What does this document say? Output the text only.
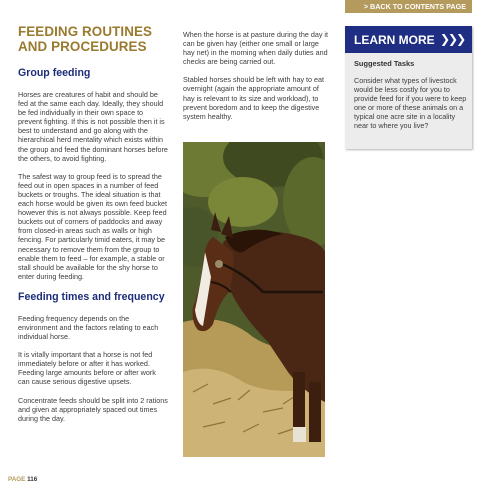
> BACK TO CONTENTS PAGE
FEEDING ROUTINES
AND PROCEDURES
Group feeding

Horses are creatures of habit and should be fed at the same each day. Ideally, they should be fed individually in their own space to prevent fighting. If this is not possible then it is best to understand and go along with the hierarchical herd mentality which exists within the group and feed the dominant horses before the others, to avoid fighting.

The safest way to group feed is to spread the feed out in open spaces in a number of feed buckets or troughs. The ideal situation is that each horse would be given its own feed bucket however this is not always possible. Keep feed buckets out of corners of paddocks and away from closed-in areas such as walls or high fencing. For particularly timid eaters, it may be necessary to remove them from the group to enable them to feed – for example, a stable or stall should be available for the shy horse to enter during feeding.

Feeding times and frequency

Feeding frequency depends on the environment and the factors relating to each individual horse.

It is vitally important that a horse is not fed immediately before or after it has worked. Feeding large amounts before or after work can cause serious digestive upsets.

Concentrate feeds should be split into 2 rations and given at appropriately spaced out times during the day.

When the horse is at pasture during the day it can be given hay (either one small or large hay net) in the morning when daily duties and checks are being carried out.

Stabled horses should be left with hay to eat overnight (again the appropriate amount of hay is relevant to its size and workload), to prevent boredom and to keep the digestive system healthy.

LEARN MORE ❯❯❯
Suggested Tasks

Consider what types of livestock would be less costly for you to provide feed for if you were to keep one or more of these animals on a typical one acre site in a locality near to where you live?

PAGE 116
